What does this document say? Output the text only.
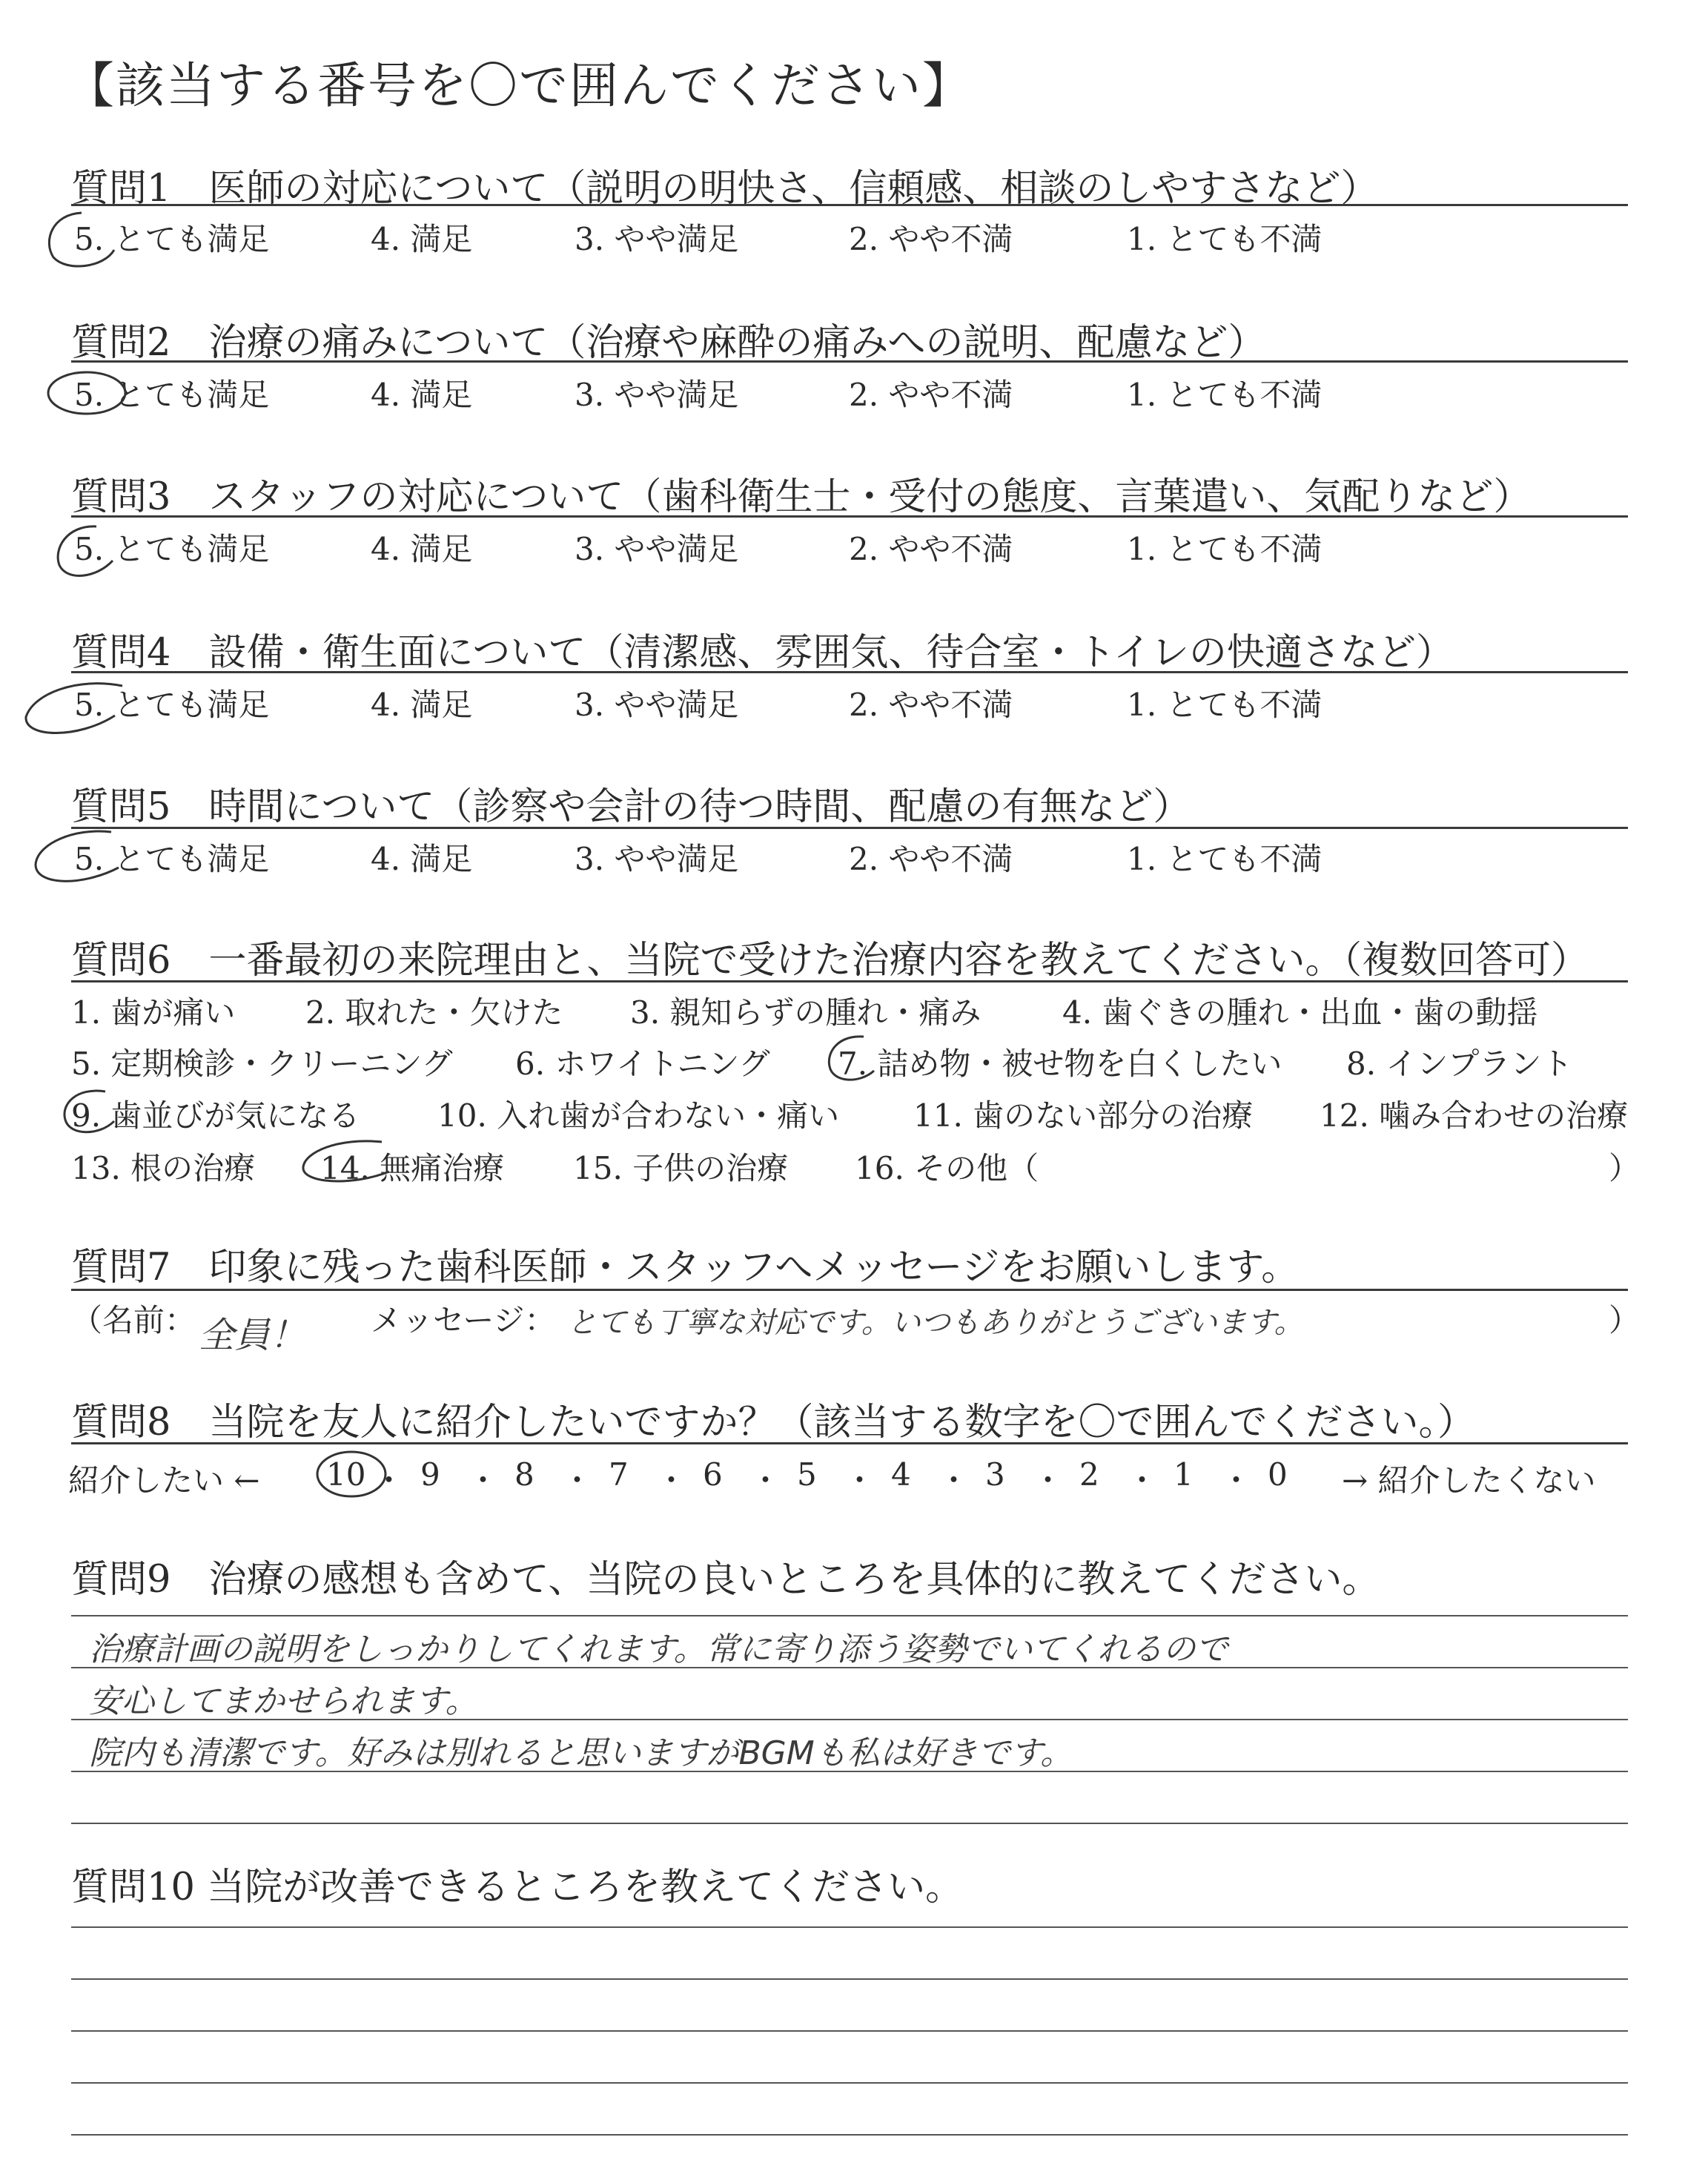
【該当する番号を〇で囲んでください】
質問1　医師の対応について（説明の明快さ、信頼感、相談のしやすさなど）
5. とても満足	4. 満足	3. やや満足	2. やや不満	1. とても不満
質問2　治療の痛みについて（治療や麻酔の痛みへの説明、配慮など）
5. とても満足	4. 満足	3. やや満足	2. やや不満	1. とても不満
質問3　スタッフの対応について（歯科衛生士・受付の態度、言葉遣い、気配りなど）
5. とても満足	4. 満足	3. やや満足	2. やや不満	1. とても不満
質問4　設備・衛生面について（清潔感、雰囲気、待合室・トイレの快適さなど）
5. とても満足	4. 満足	3. やや満足	2. やや不満	1. とても不満
質問5　時間について（診察や会計の待つ時間、配慮の有無など）
5. とても満足	4. 満足	3. やや満足	2. やや不満	1. とても不満
質問6　一番最初の来院理由と、当院で受けた治療内容を教えてください。（複数回答可）
1. 歯が痛い 2. 取れた・欠けた 3. 親知らずの腫れ・痛み	4. 歯ぐきの腫れ・出血・歯の動揺
5. 定期検診・クリーニング 6. ホワイトニング 7. 詰め物・被せ物を白くしたい 8. インプラント
9. 歯並びが気になる 10. 入れ歯が合わない・痛い 11. 歯のない部分の治療 12. 噛み合わせの治療
13. 根の治療 14. 無痛治療 15. 子供の治療 16. その他（	）
質問7　印象に残った歯科医師・スタッフへメッセージをお願いします。
（名前： 全員！ メッセージ： とても丁寧な対応です。いつもありがとうございます。	）
質問8　当院を友人に紹介したいですか？（該当する数字を〇で囲んでください。）
紹介したい ← 10 ・ 9 ・ 8 ・ 7 ・ 6 ・ 5 ・ 4 ・ 3 ・ 2 ・ 1 ・ 0 → 紹介したくない
質問9　治療の感想も含めて、当院の良いところを具体的に教えてください。
治療計画の説明をしっかりしてくれます。常に寄り添う姿勢でいてくれるので
安心してまかせられます。
院内も清潔です。好みは別れると思いますがBGMも私は好きです。
質問10 当院が改善できるところを教えてください。
